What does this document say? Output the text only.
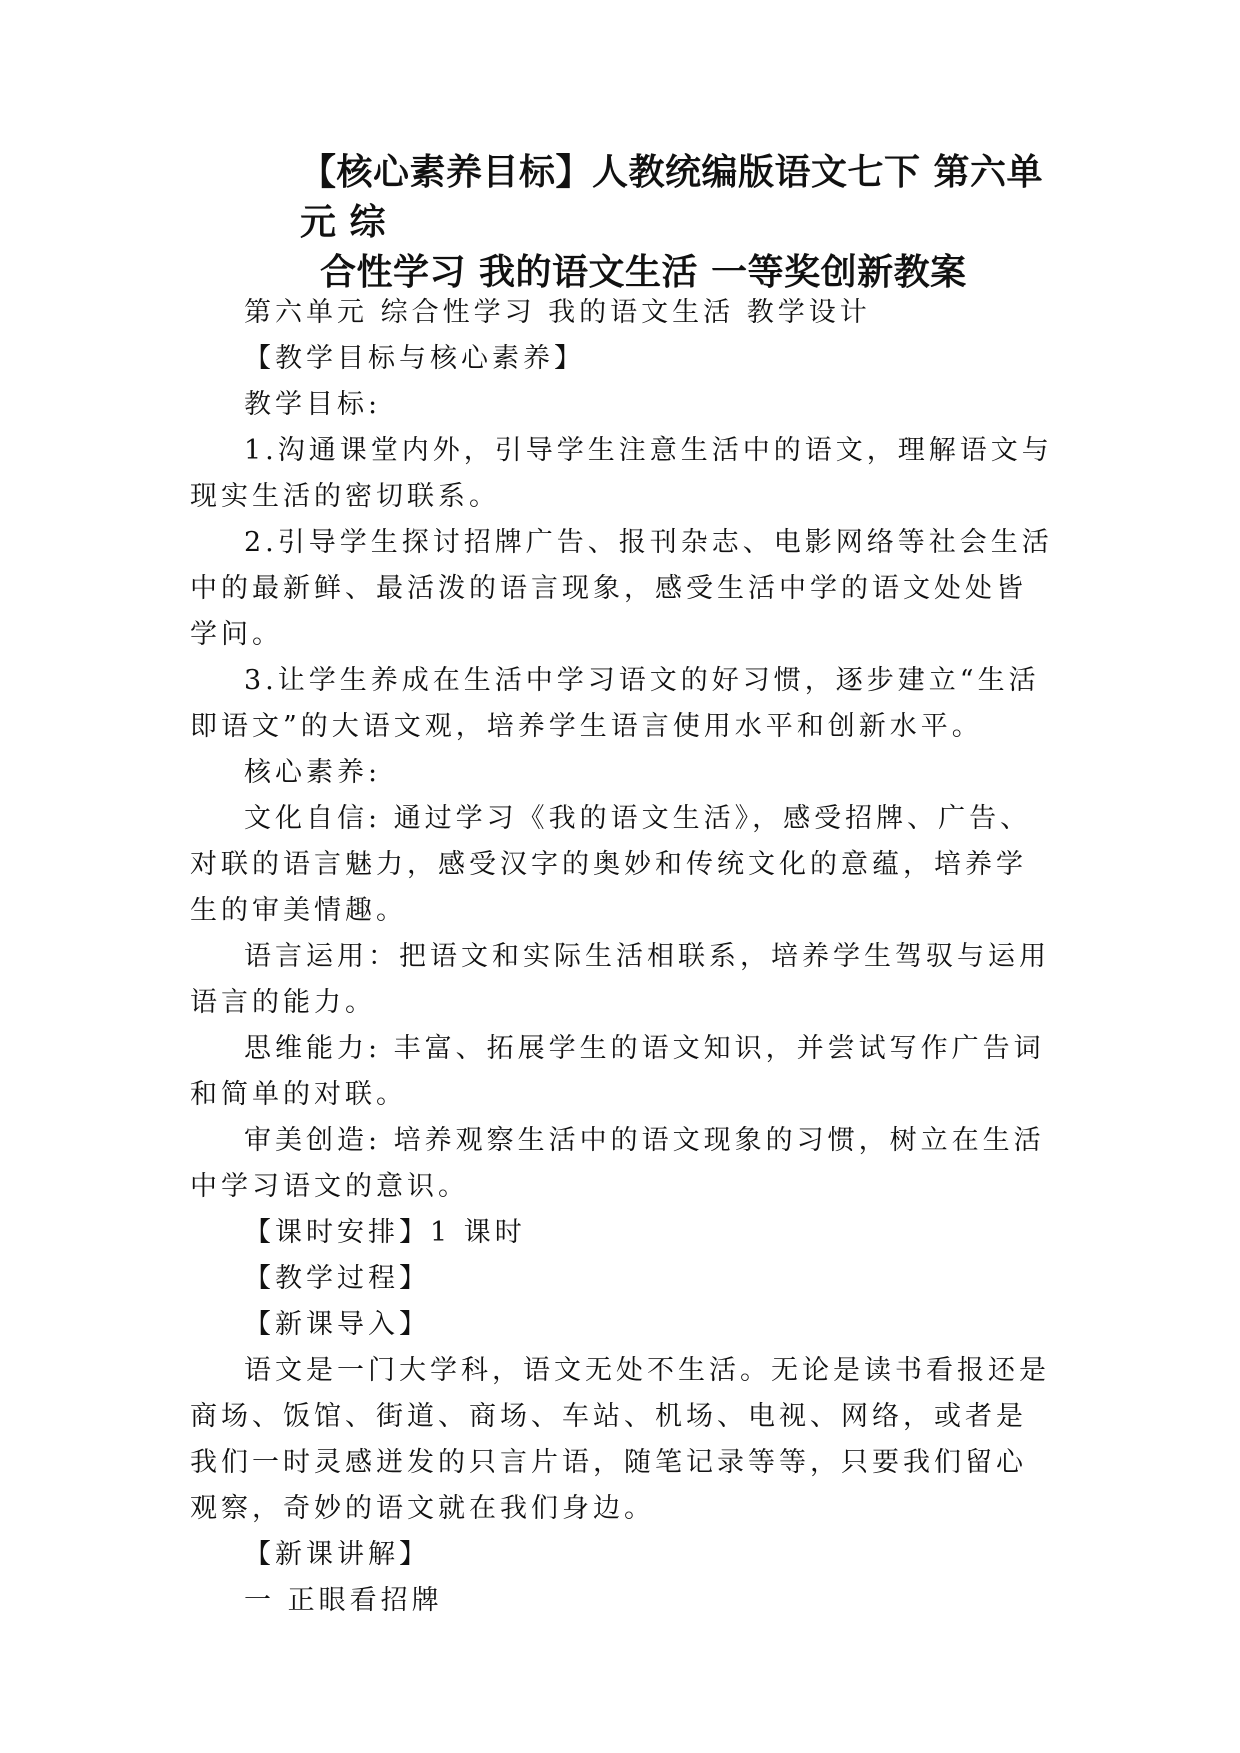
【核心素养目标】人教统编版语文七下 第六单元 综
合性学习 我的语文生活 一等奖创新教案

第六单元 综合性学习 我的语文生活 教学设计

【教学目标与核心素养】

教学目标:

1.沟通课堂内外，引导学生注意生活中的语文，理解语文与现实生活的密切联系。

2.引导学生探讨招牌广告、报刊杂志、电影网络等社会生活中的最新鲜、最活泼的语言现象，感受生活中学的语文处处皆学问。

3.让学生养成在生活中学习语文的好习惯，逐步建立“生活即语文”的大语文观，培养学生语言使用水平和创新水平。

核心素养:

文化自信: 通过学习《我的语文生活》，感受招牌、广告、对联的语言魅力，感受汉字的奥妙和传统文化的意蕴，培养学生的审美情趣。

语言运用：把语文和实际生活相联系，培养学生驾驭与运用语言的能力。

思维能力: 丰富、拓展学生的语文知识，并尝试写作广告词和简单的对联。

审美创造: 培养观察生活中的语文现象的习惯，树立在生活中学习语文的意识。

【课时安排】1 课时

【教学过程】

【新课导入】

语文是一门大学科，语文无处不生活。无论是读书看报还是商场、饭馆、街道、商场、车站、机场、电视、网络，或者是我们一时灵感迸发的只言片语，随笔记录等等，只要我们留心观察，奇妙的语文就在我们身边。

【新课讲解】

一 正眼看招牌
